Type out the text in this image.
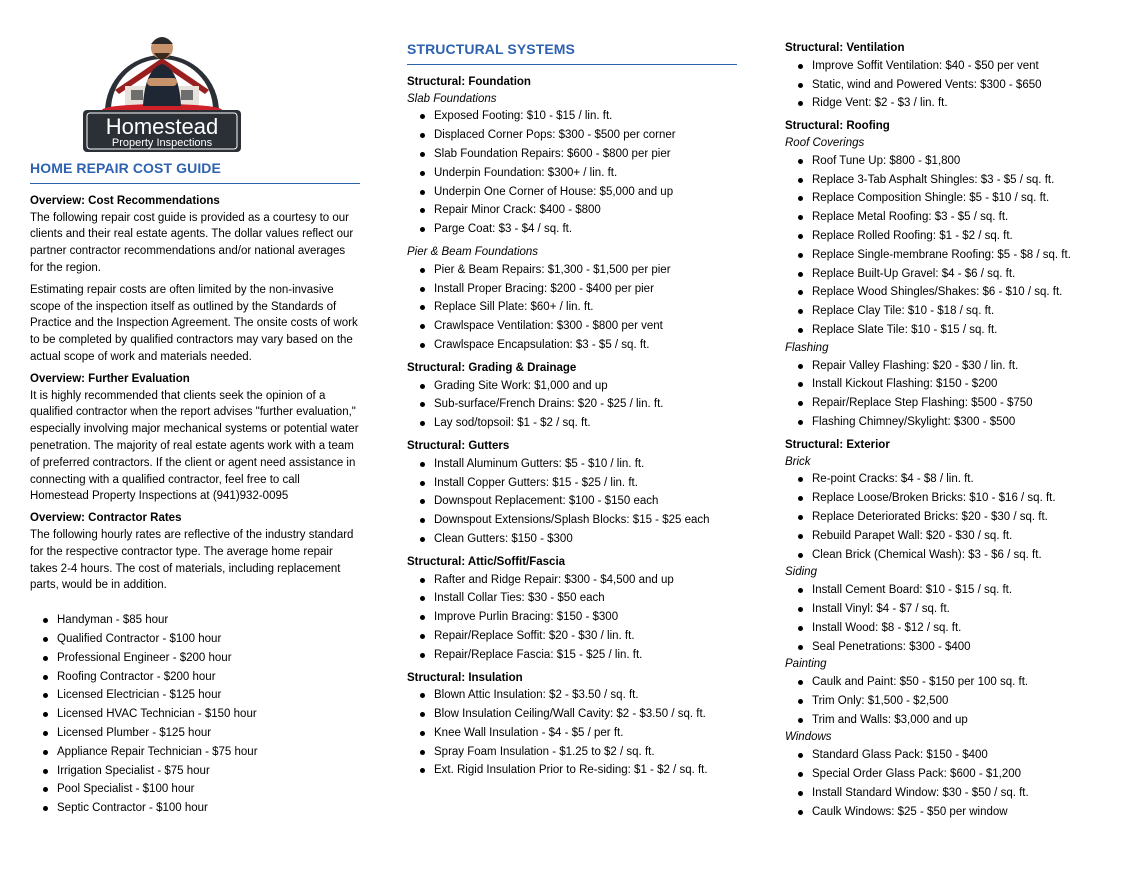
Homestead
Property Inspections
HOME REPAIR COST GUIDE
Overview: Cost Recommendations

The following repair cost guide is provided as a courtesy to our clients and their real estate agents. The dollar values reflect our partner contractor recommendations and/or national averages for the region.

Estimating repair costs are often limited by the non-invasive scope of the inspection itself as outlined by the Standards of Practice and the Inspection Agreement. The onsite costs of work to be completed by qualified contractors may vary based on the actual scope of work and materials needed.

Overview: Further Evaluation

It is highly recommended that clients seek the opinion of a qualified contractor when the report advises "further evaluation," especially involving major mechanical systems or potential water penetration. The majority of real estate agents work with a team of preferred contractors. If the client or agent need assistance in connecting with a qualified contractor, feel free to call Homestead Property Inspections at (941)932-0095

Overview: Contractor Rates

The following hourly rates are reflective of the industry standard for the respective contractor type. The average home repair takes 2-4 hours. The cost of materials, including replacement parts, would be in addition.

Handyman - $85 hour
Qualified Contractor - $100 hour
Professional Engineer - $200 hour
Roofing Contractor - $200 hour
Licensed Electrician - $125 hour
Licensed HVAC Technician - $150 hour
Licensed Plumber - $125 hour
Appliance Repair Technician - $75 hour
Irrigation Specialist - $75 hour
Pool Specialist - $100 hour
Septic Contractor - $100 hour
STRUCTURAL SYSTEMS
Structural: Foundation
Slab Foundations
Exposed Footing: $10 - $15 / lin. ft.
Displaced Corner Pops: $300 - $500 per corner
Slab Foundation Repairs: $600 - $800 per pier
Underpin Foundation: $300+ / lin. ft.
Underpin One Corner of House: $5,000 and up
Repair Minor Crack: $400 - $800
Parge Coat: $3 - $4 / sq. ft.
Pier & Beam Foundations
Pier & Beam Repairs: $1,300 - $1,500 per pier
Install Proper Bracing: $200 - $400 per pier
Replace Sill Plate: $60+ / lin. ft.
Crawlspace Ventilation: $300 - $800 per vent
Crawlspace Encapsulation: $3 - $5 / sq. ft.
Structural: Grading & Drainage
Grading Site Work: $1,000 and up
Sub-surface/French Drains: $20 - $25 / lin. ft.
Lay sod/topsoil: $1 - $2 / sq. ft.
Structural: Gutters
Install Aluminum Gutters: $5 - $10 / lin. ft.
Install Copper Gutters: $15 - $25 / lin. ft.
Downspout Replacement: $100 - $150 each
Downspout Extensions/Splash Blocks: $15 - $25 each
Clean Gutters: $150 - $300
Structural: Attic/Soffit/Fascia
Rafter and Ridge Repair: $300 - $4,500 and up
Install Collar Ties: $30 - $50 each
Improve Purlin Bracing: $150 - $300
Repair/Replace Soffit: $20 - $30 / lin. ft.
Repair/Replace Fascia: $15 - $25 / lin. ft.
Structural: Insulation
Blown Attic Insulation: $2 - $3.50 / sq. ft.
Blow Insulation Ceiling/Wall Cavity: $2 - $3.50 / sq. ft.
Knee Wall Insulation - $4 - $5 / per ft.
Spray Foam Insulation - $1.25 to $2 / sq. ft.
Ext. Rigid Insulation Prior to Re-siding: $1 - $2 / sq. ft.
Structural: Ventilation
Improve Soffit Ventilation: $40 - $50 per vent
Static, wind and Powered Vents: $300 - $650
Ridge Vent: $2 - $3 / lin. ft.
Structural: Roofing
Roof Coverings
Roof Tune Up: $800 - $1,800
Replace 3-Tab Asphalt Shingles: $3 - $5 / sq. ft.
Replace Composition Shingle: $5 - $10 / sq. ft.
Replace Metal Roofing: $3 - $5 / sq. ft.
Replace Rolled Roofing: $1 - $2 / sq. ft.
Replace Single-membrane Roofing: $5 - $8 / sq. ft.
Replace Built-Up Gravel: $4 - $6 / sq. ft.
Replace Wood Shingles/Shakes: $6 - $10 / sq. ft.
Replace Clay Tile: $10 - $18 / sq. ft.
Replace Slate Tile: $10 - $15 / sq. ft.
Flashing
Repair Valley Flashing: $20 - $30 / lin. ft.
Install Kickout Flashing: $150 - $200
Repair/Replace Step Flashing: $500 - $750
Flashing Chimney/Skylight: $300 - $500
Structural: Exterior
Brick
Re-point Cracks: $4 - $8 / lin. ft.
Replace Loose/Broken Bricks: $10 - $16 / sq. ft.
Replace Deteriorated Bricks: $20 - $30 / sq. ft.
Rebuild Parapet Wall: $20 - $30 / sq. ft.
Clean Brick (Chemical Wash): $3 - $6 / sq. ft.
Siding
Install Cement Board: $10 - $15 / sq. ft.
Install Vinyl: $4 - $7 / sq. ft.
Install Wood: $8 - $12 / sq. ft.
Seal Penetrations: $300 - $400
Painting
Caulk and Paint: $50 - $150 per 100 sq. ft.
Trim Only: $1,500 - $2,500
Trim and Walls: $3,000 and up
Windows
Standard Glass Pack: $150 - $400
Special Order Glass Pack: $600 - $1,200
Install Standard Window: $30 - $50 / sq. ft.
Caulk Windows: $25 - $50 per window
